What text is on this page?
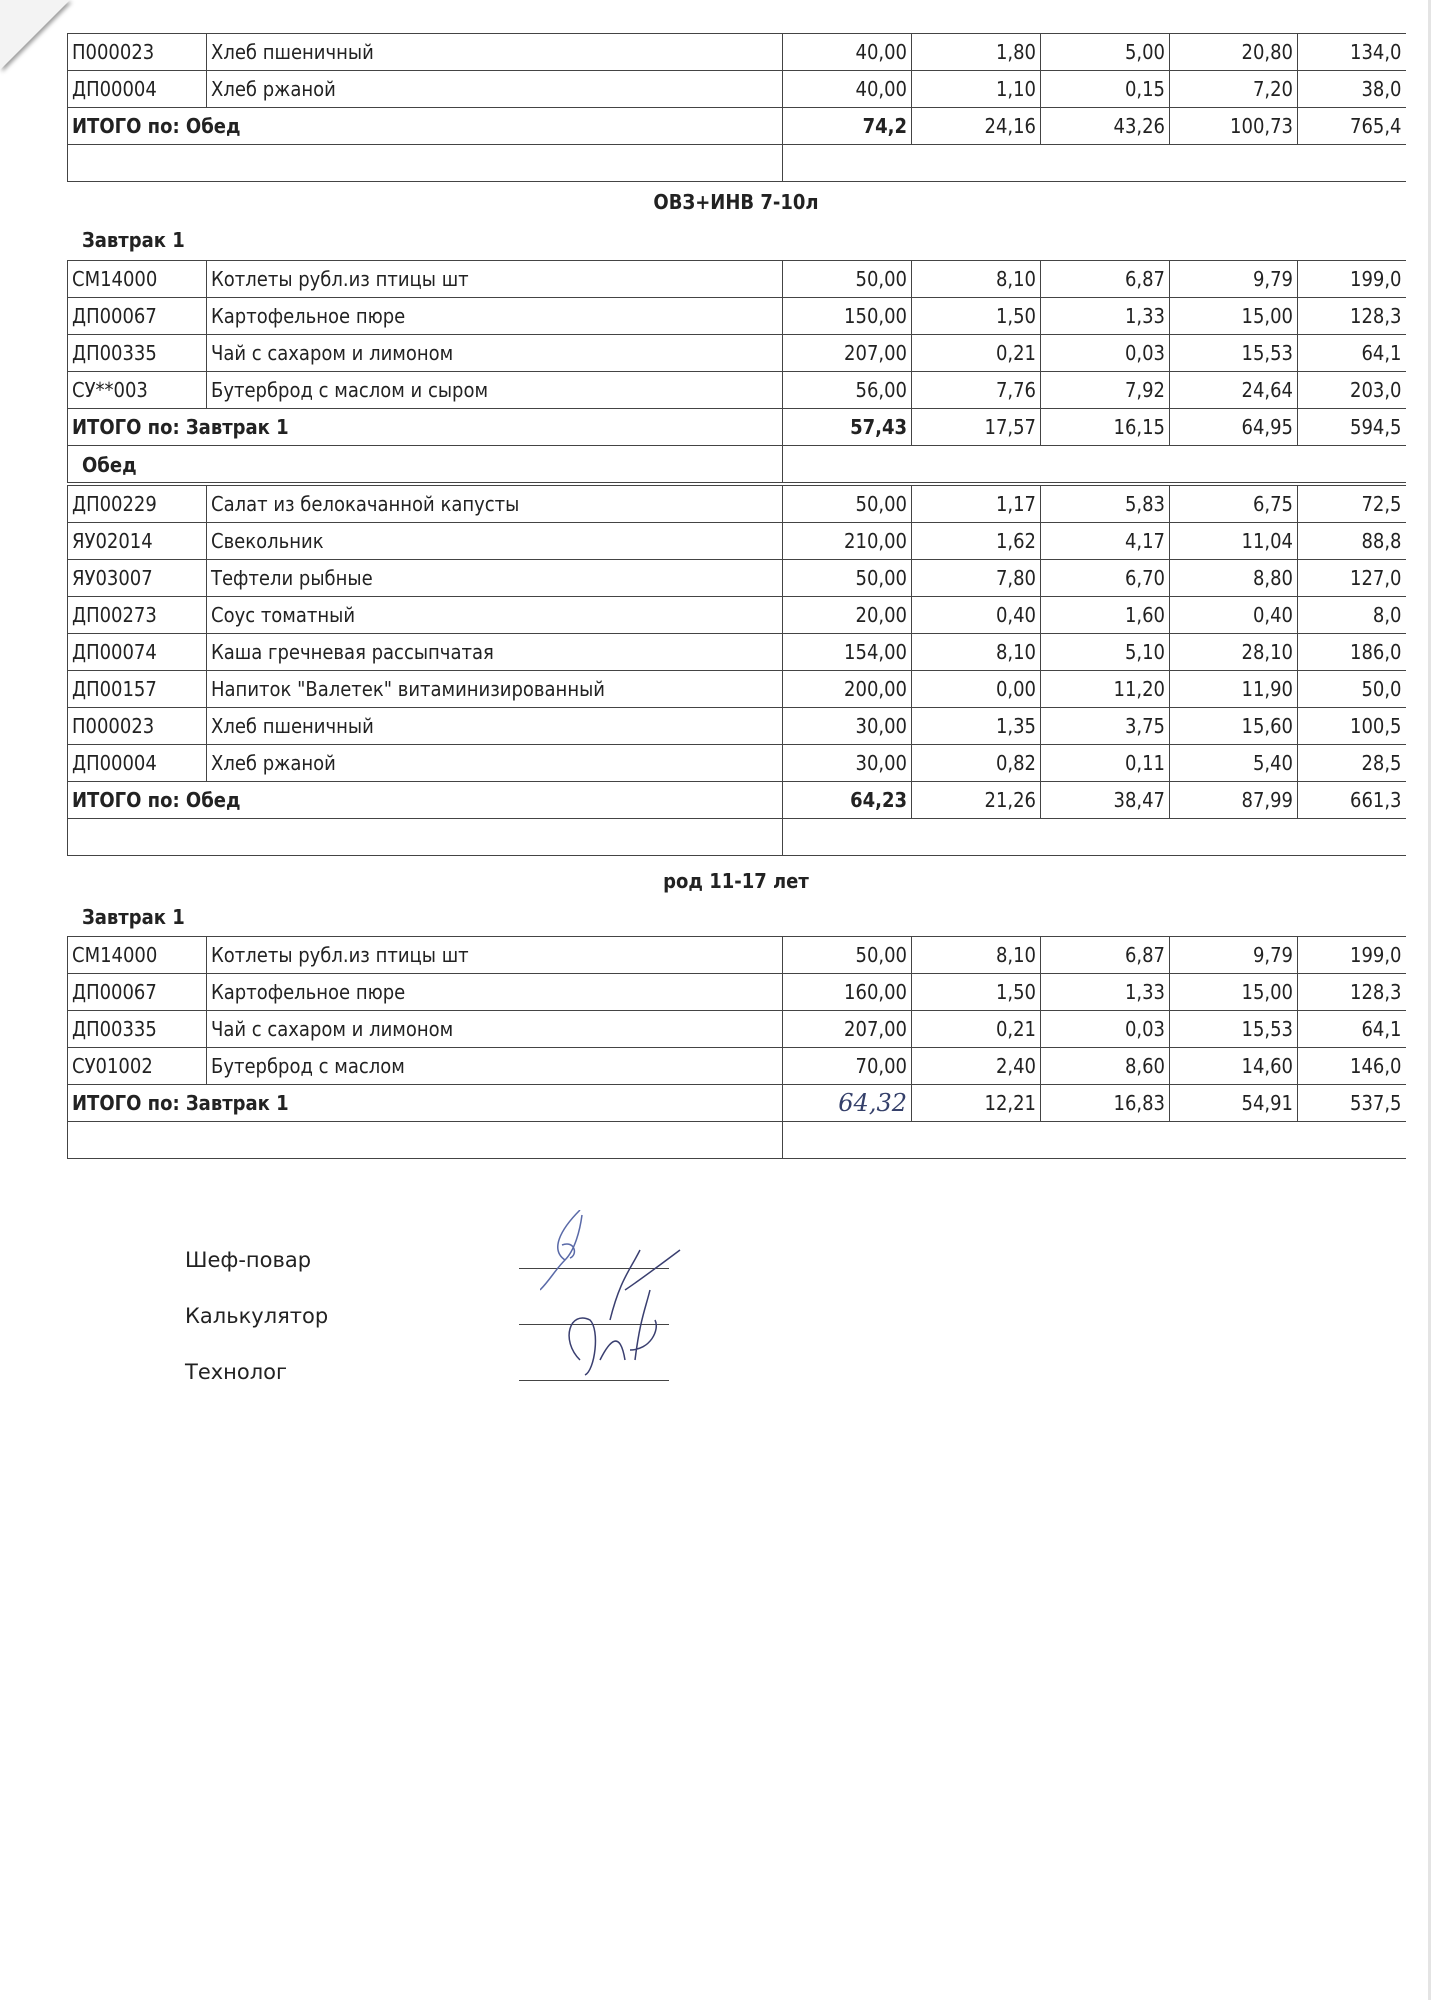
П000023	Хлеб пшеничный	40,00	1,80	5,00	20,80	134,0
ДП00004	Хлеб ржаной	40,00	1,10	0,15	7,20	38,0
ИТОГО по: Обед		74,2	24,16	43,26	100,73	765,4

ОВЗ+ИНВ 7-10л
Завтрак 1
СМ14000	Котлеты рубл.из птицы шт	50,00	8,10	6,87	9,79	199,0
ДП00067	Картофельное пюре	150,00	1,50	1,33	15,00	128,3
ДП00335	Чай с сахаром и лимоном	207,00	0,21	0,03	15,53	64,1
СУ**003	Бутерброд с маслом и сыром	56,00	7,76	7,92	24,64	203,0
ИТОГО по: Завтрак 1		57,43	17,57	16,15	64,95	594,5

Обед
ДП00229	Салат из белокачанной капусты	50,00	1,17	5,83	6,75	72,5
ЯУ02014	Свекольник	210,00	1,62	4,17	11,04	88,8
ЯУ03007	Тефтели рыбные	50,00	7,80	6,70	8,80	127,0
ДП00273	Соус томатный	20,00	0,40	1,60	0,40	8,0
ДП00074	Каша гречневая рассыпчатая	154,00	8,10	5,10	28,10	186,0
ДП00157	Напиток "Валетек" витаминизированный	200,00	0,00	11,20	11,90	50,0
П000023	Хлеб пшеничный	30,00	1,35	3,75	15,60	100,5
ДП00004	Хлеб ржаной	30,00	0,82	0,11	5,40	28,5
ИТОГО по: Обед		64,23	21,26	38,47	87,99	661,3

род 11-17 лет
Завтрак 1
СМ14000	Котлеты рубл.из птицы шт	50,00	8,10	6,87	9,79	199,0
ДП00067	Картофельное пюре	160,00	1,50	1,33	15,00	128,3
ДП00335	Чай с сахаром и лимоном	207,00	0,21	0,03	15,53	64,1
СУ01002	Бутерброд с маслом	70,00	2,40	8,60	14,60	146,0
ИТОГО по: Завтрак 1		64,32	12,21	16,83	54,91	537,5

Шеф-повар
Калькулятор
Технолог
